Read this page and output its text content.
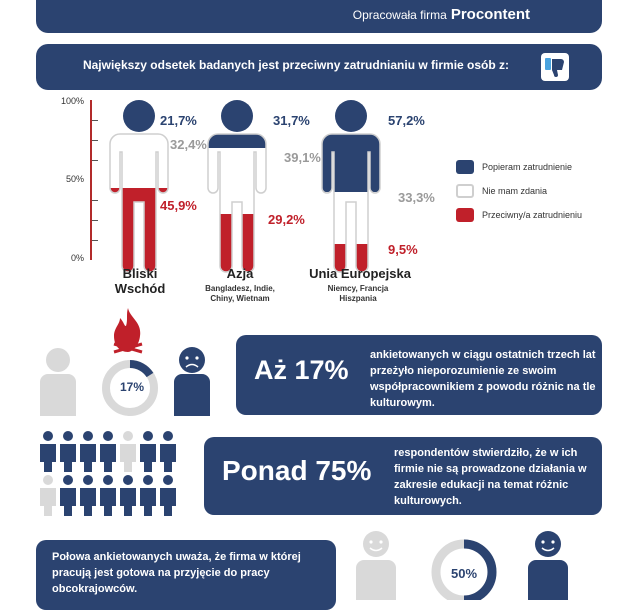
Opracowała firma Procontent
Największy odsetek badanych jest przeciwny zatrudnianiu w firmie osób z:
100%
50%
0%
21,7%
32,4%
45,9%
31,7%
39,1%
29,2%
57,2%
33,3%
9,5%
Bliski Wschód
Azja
Bangladesz, Indie, Chiny, Wietnam
Unia Europejska
Niemcy, Francja Hiszpania
Popieram zatrudnienie
Nie mam zdania
Przeciwny/a zatrudnieniu
17%
Aż 17% ankietowanych w ciągu ostatnich trzech lat przeżyło nieporozumienie ze swoim współpracownikiem z powodu różnic na tle kulturowym.
Ponad 75%
respondentów stwierdziło, że w ich firmie nie są prowadzone działania w zakresie edukacji na temat różnic kulturowych.
Połowa ankietowanych uważa, że firma w której pracują jest gotowa na przyjęcie do pracy obcokrajowców.
50%
